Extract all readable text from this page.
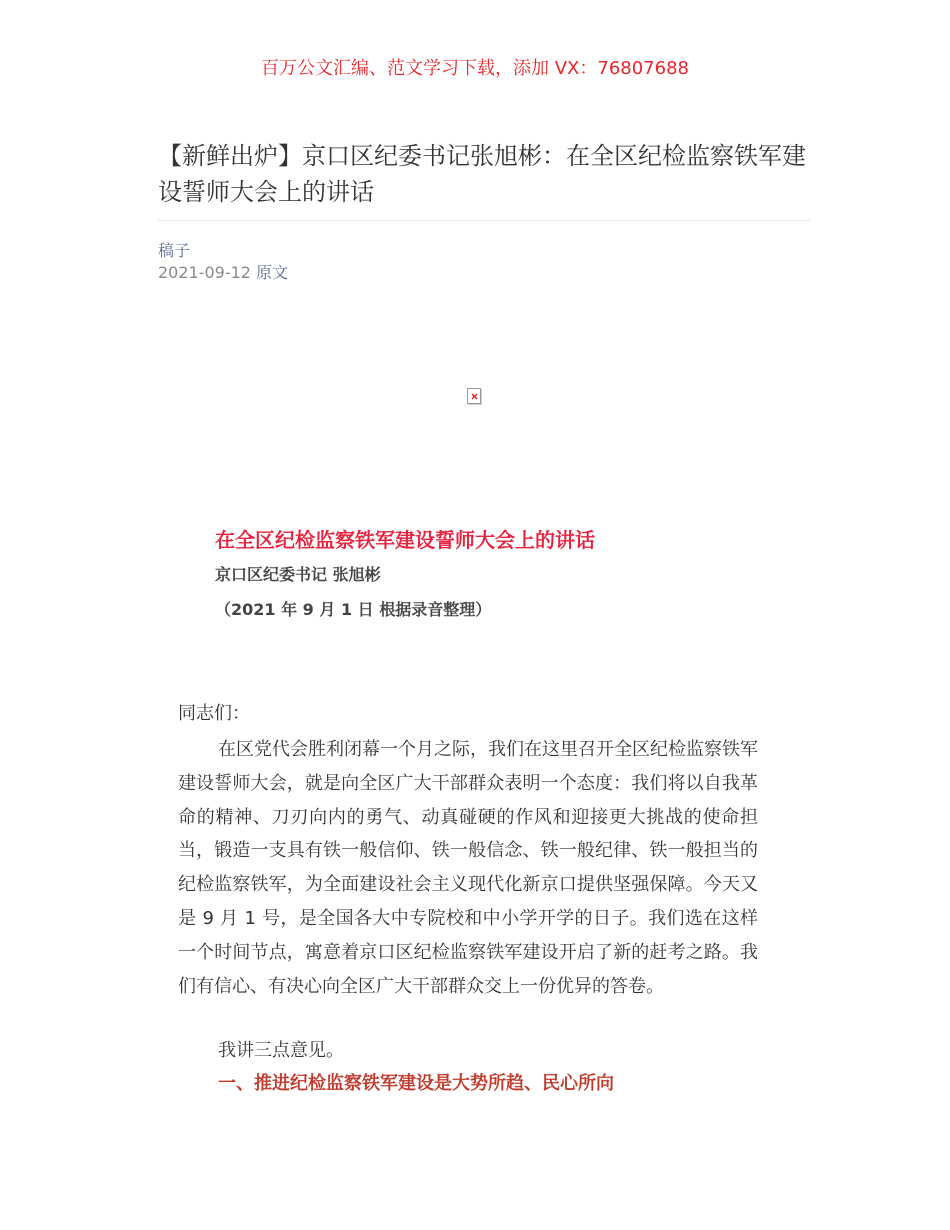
百万公文汇编、范文学习下载，添加 VX：76807688
【新鲜出炉】京口区纪委书记张旭彬：在全区纪检监察铁军建设誓师大会上的讲话
稿子
2021-09-12 原文
在全区纪检监察铁军建设誓师大会上的讲话
京口区纪委书记 张旭彬
（2021 年 9 月 1 日 根据录音整理）
同志们：

在区党代会胜利闭幕一个月之际，我们在这里召开全区纪检监察铁军建设誓师大会，就是向全区广大干部群众表明一个态度：我们将以自我革命的精神、刀刃向内的勇气、动真碰硬的作风和迎接更大挑战的使命担当，锻造一支具有铁一般信仰、铁一般信念、铁一般纪律、铁一般担当的纪检监察铁军，为全面建设社会主义现代化新京口提供坚强保障。今天又是 9 月 1 号，是全国各大中专院校和中小学开学的日子。我们选在这样一个时间节点，寓意着京口区纪检监察铁军建设开启了新的赶考之路。我们有信心、有决心向全区广大干部群众交上一份优异的答卷。

我讲三点意见。
一、推进纪检监察铁军建设是大势所趋、民心所向
